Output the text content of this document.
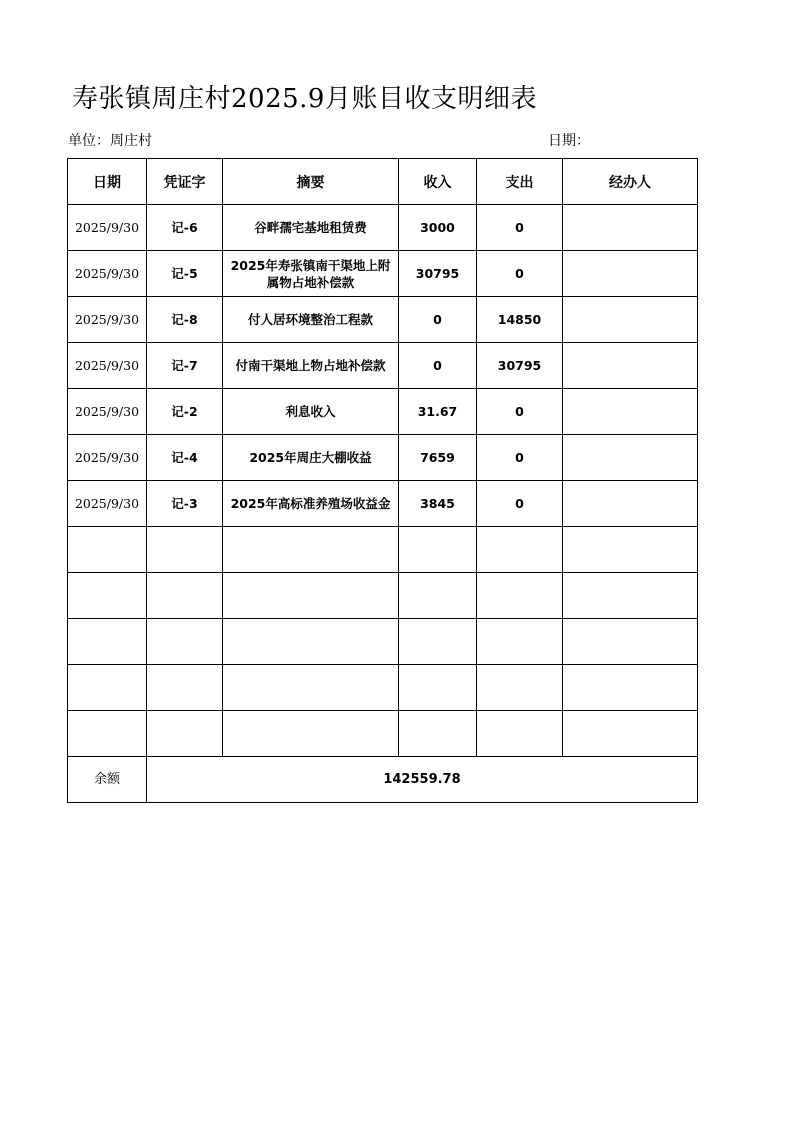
寿张镇周庄村2025.9月账目收支明细表
单位：周庄村	日期：
日期	凭证字	摘要	收入	支出	经办人
2025/9/30	记-6	谷畔孺宅基地租赁费	3000	0	
2025/9/30	记-5	2025年寿张镇南干渠地上附属物占地补偿款	30795	0	
2025/9/30	记-8	付人居环境整治工程款	0	14850	
2025/9/30	记-7	付南干渠地上物占地补偿款	0	30795	
2025/9/30	记-2	利息收入	31.67	0	
2025/9/30	记-4	2025年周庄大棚收益	7659	0	
2025/9/30	记-3	2025年高标准养殖场收益金	3845	0	

余额	142559.78				
